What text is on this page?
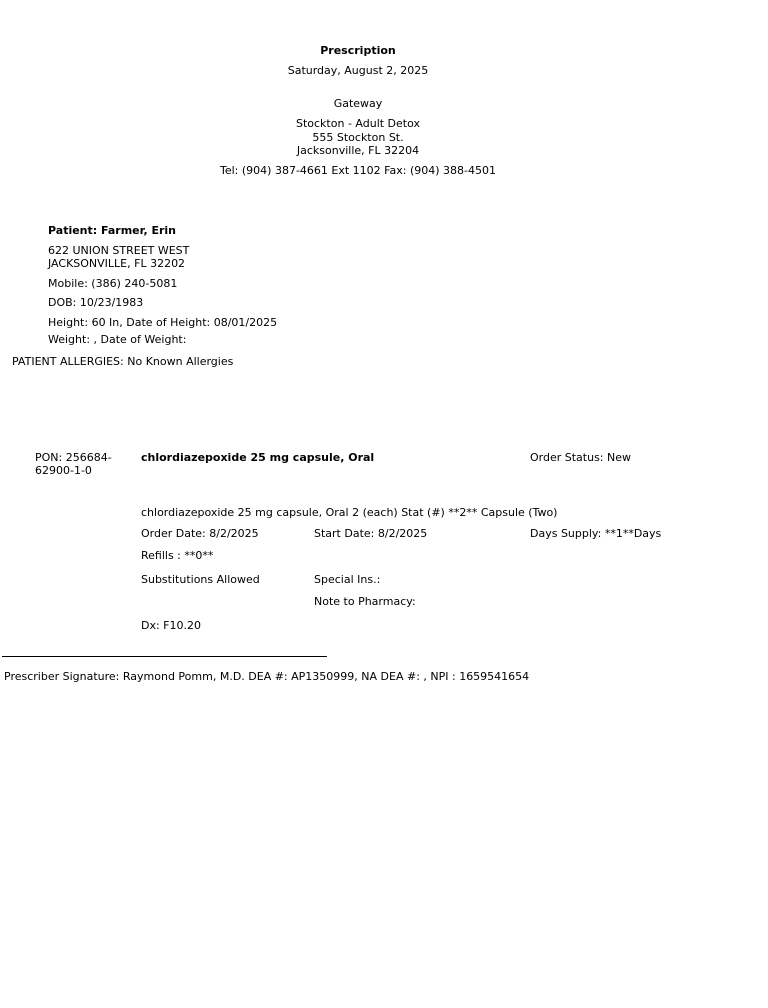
Prescription
Saturday, August 2, 2025
Gateway
Stockton - Adult Detox
555 Stockton St.
Jacksonville, FL 32204
Tel: (904) 387-4661 Ext 1102 Fax: (904) 388-4501
Patient: Farmer, Erin
622 UNION STREET WEST
JACKSONVILLE, FL 32202
Mobile: (386) 240-5081
DOB: 10/23/1983
Height: 60 In, Date of Height: 08/01/2025
Weight: , Date of Weight:
PATIENT ALLERGIES: No Known Allergies
PON: 256684-
62900-1-0
chlordiazepoxide 25 mg capsule, Oral	Order Status: New
chlordiazepoxide 25 mg capsule, Oral 2 (each) Stat (#) **2** Capsule (Two)
Order Date: 8/2/2025	Start Date: 8/2/2025	Days Supply: **1**Days
Refills : **0**
Substitutions Allowed	Special Ins.:
Note to Pharmacy:
Dx: F10.20
Prescriber Signature: Raymond Pomm, M.D. DEA #: AP1350999, NA DEA #: , NPI : 1659541654
